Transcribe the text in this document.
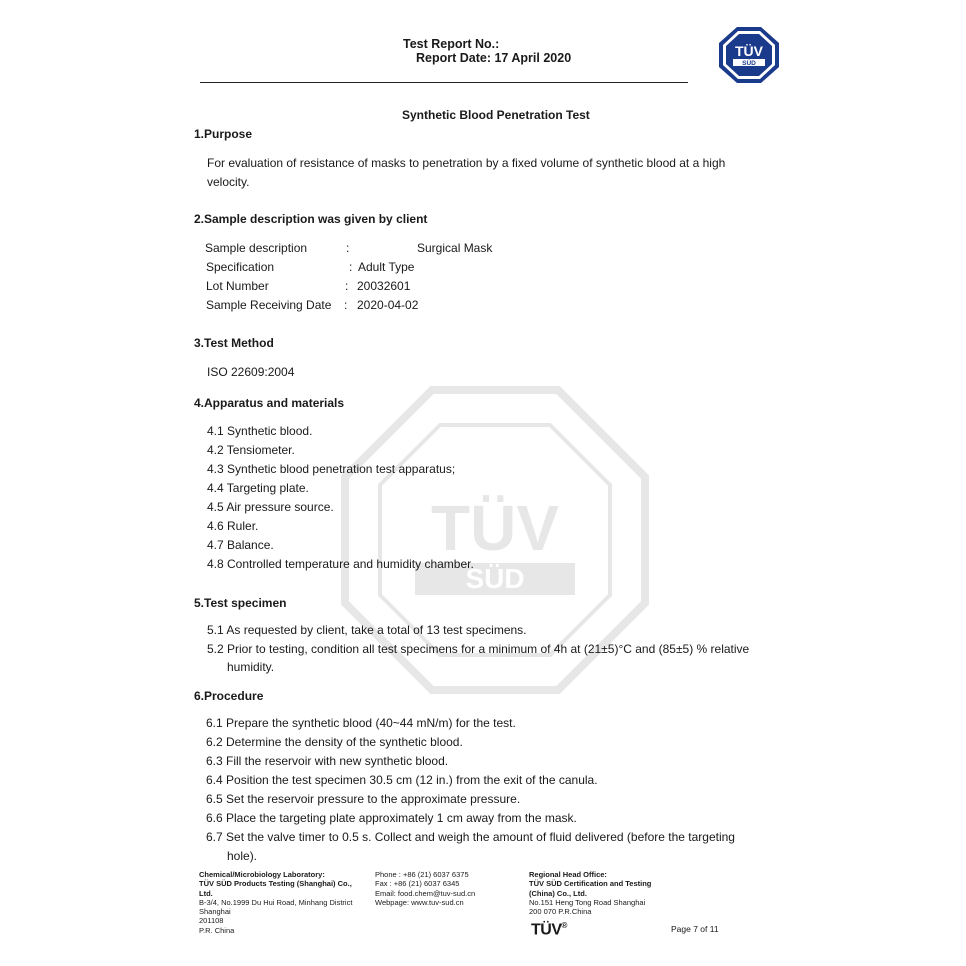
Test Report No.:
Report Date: 17 April 2020	TÜV
SÜD
TÜV
SÜD
Synthetic Blood Penetration Test
1.Purpose
For evaluation of resistance of masks to penetration by a fixed volume of synthetic blood at a high
velocity.
2.Sample description was given by client
Sample description	:	Surgical Mask
Specification	: Adult Type
Lot Number	: 20032601
Sample Receiving Date : 2020-04-02
3.Test Method
ISO 22609:2004
4.Apparatus and materials
4.1 Synthetic blood.
4.2 Tensiometer.
4.3 Synthetic blood penetration test apparatus;
4.4 Targeting plate.
4.5 Air pressure source.
4.6 Ruler.
4.7 Balance.
4.8 Controlled temperature and humidity chamber.
5.Test specimen
5.1 As requested by client, take a total of 13 test specimens.
5.2 Prior to testing, condition all test specimens for a minimum of 4h at (21±5)°C and (85±5) % relative
humidity.
6.Procedure
6.1 Prepare the synthetic blood (40~44 mN/m) for the test.
6.2 Determine the density of the synthetic blood.
6.3 Fill the reservoir with new synthetic blood.
6.4 Position the test specimen 30.5 cm (12 in.) from the exit of the canula.
6.5 Set the reservoir pressure to the approximate pressure.
6.6 Place the targeting plate approximately 1 cm away from the mask.
6.7 Set the valve timer to 0.5 s. Collect and weigh the amount of fluid delivered (before the targeting
hole).
Chemical/Microbiology Laboratory:
TÜV SÜD Products Testing (Shanghai) Co.,
Ltd.
B-3/4, No.1999 Du Hui Road, Minhang District
Shanghai
201108
P.R. China
Phone : +86 (21) 6037 6375
Fax : +86 (21) 6037 6345
Email: food.chem@tuv-sud.cn
Webpage: www.tuv-sud.cn
Regional Head Office:
TÜV SÜD Certification and Testing
(China) Co., Ltd.
No.151 Heng Tong Road Shanghai
200 070 P.R.China
TÜV®	Page 7 of 11
